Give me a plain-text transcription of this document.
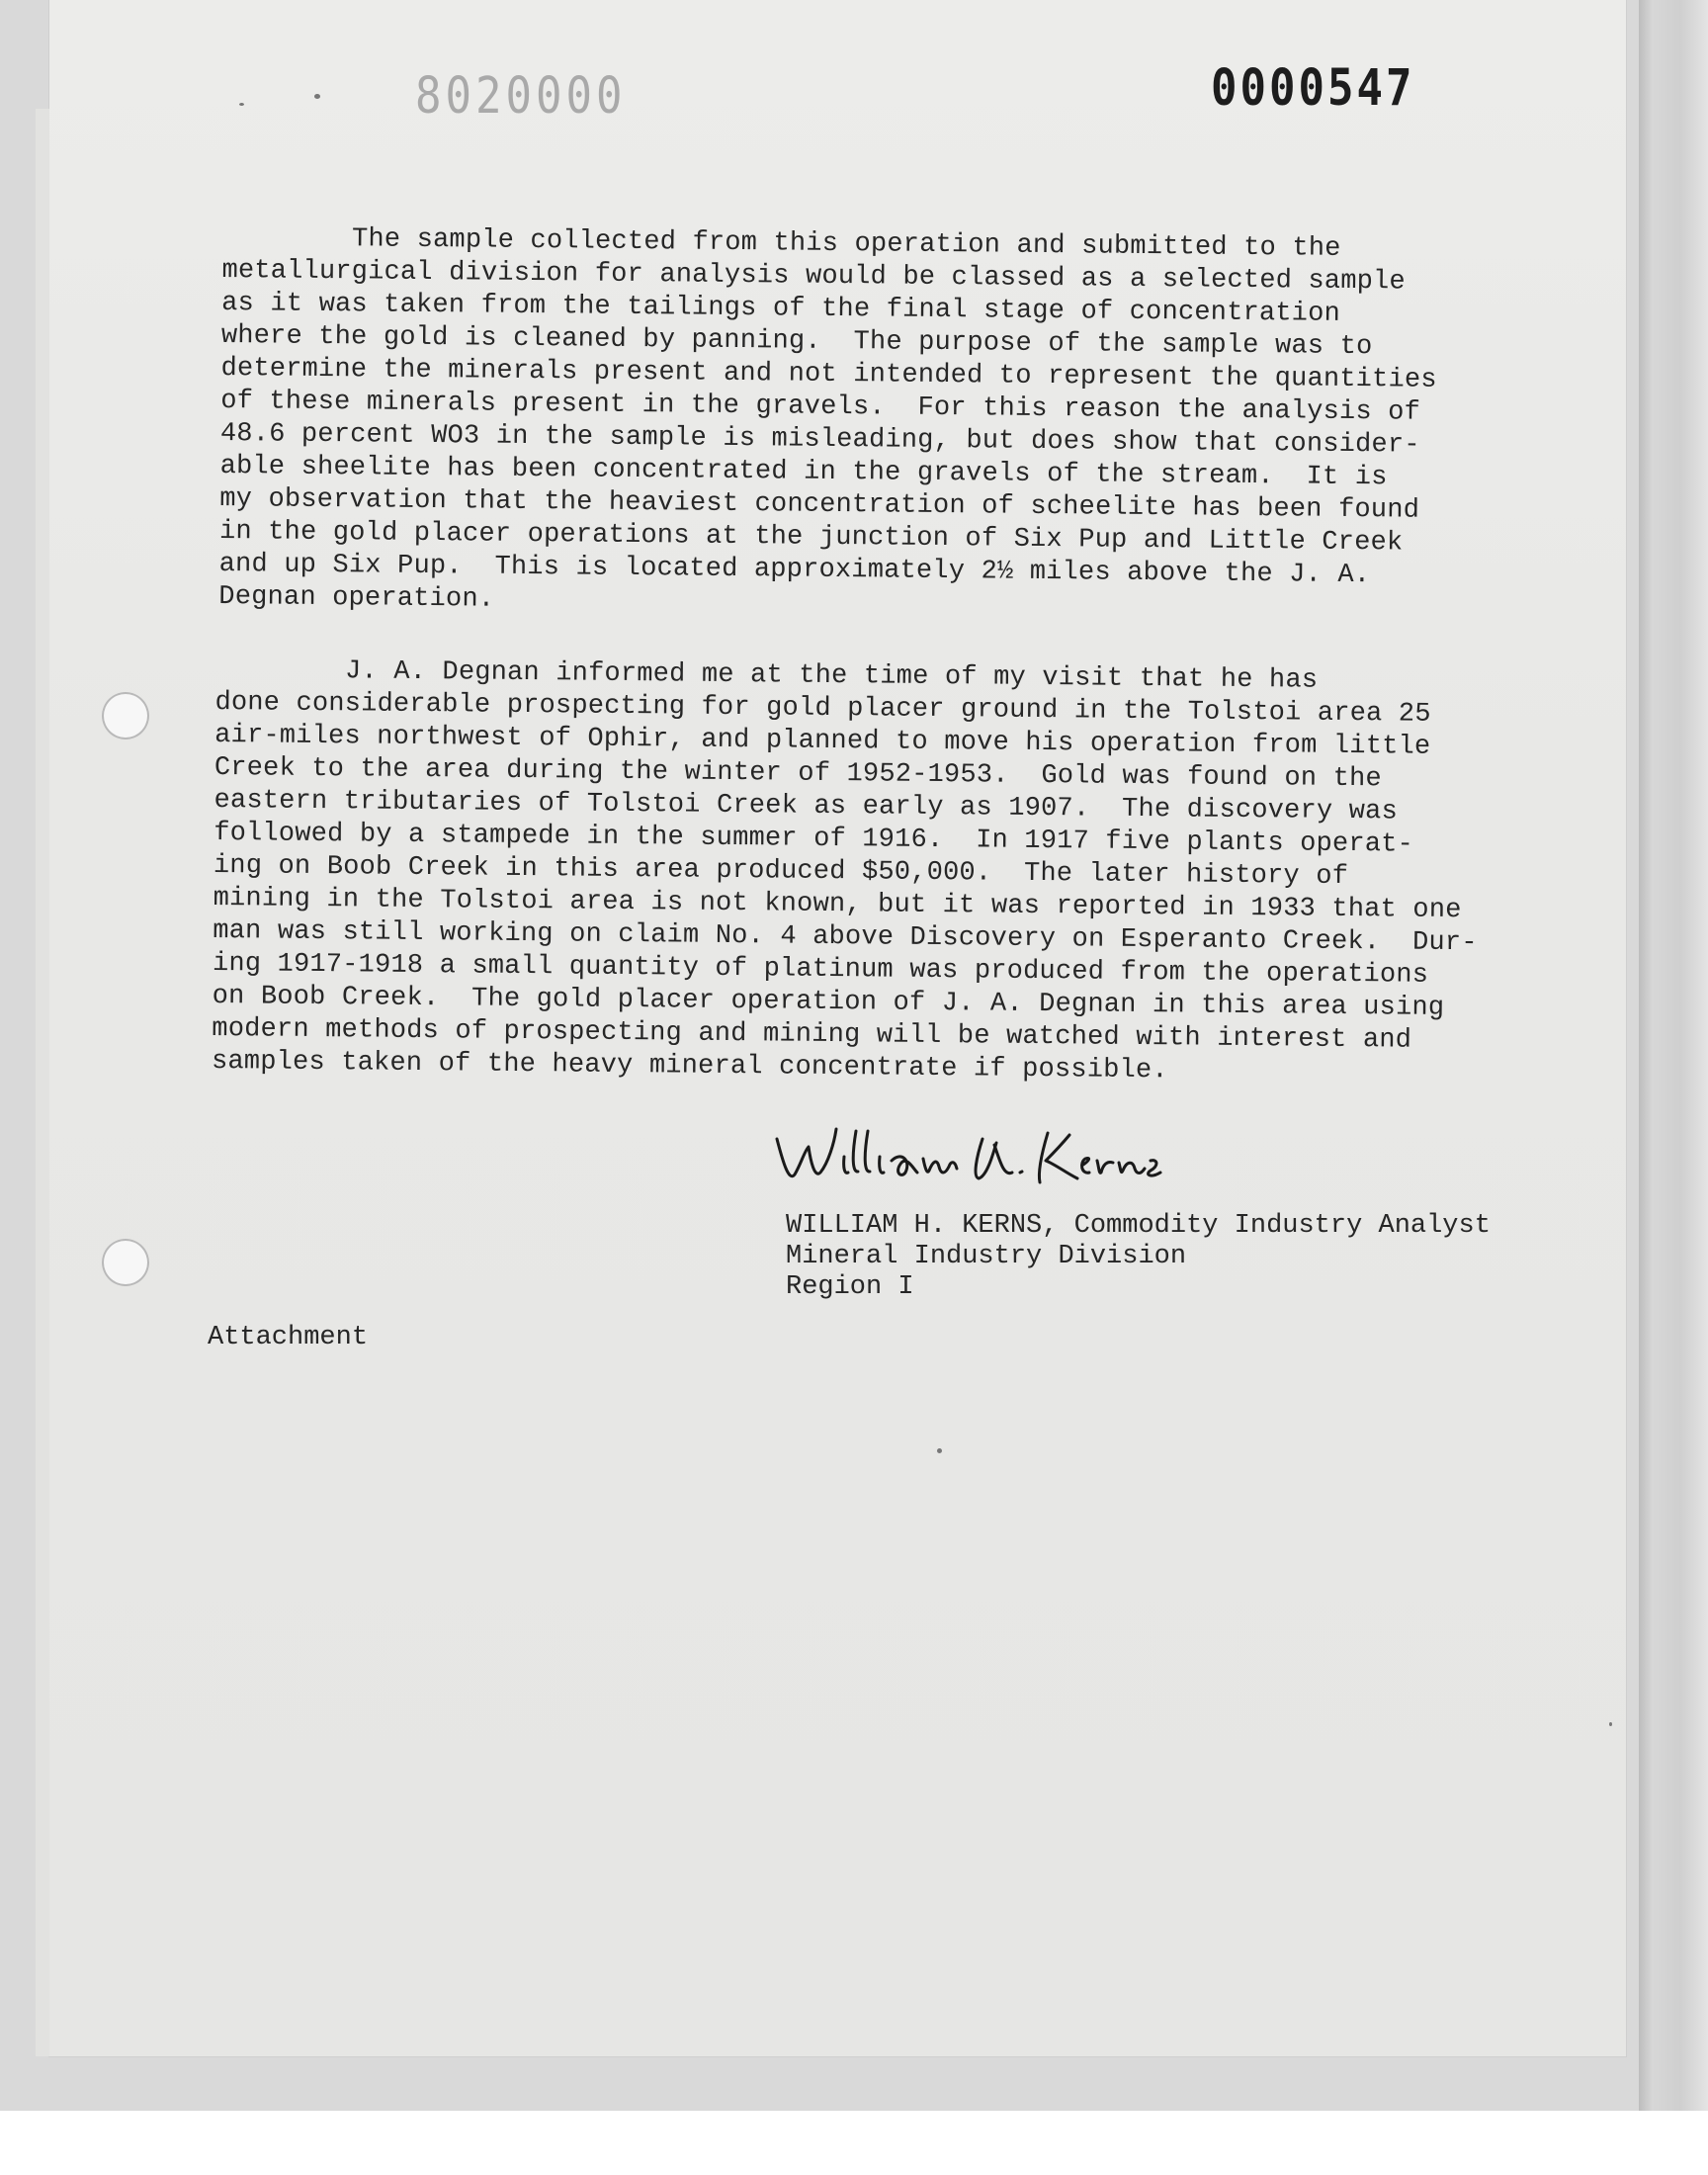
8020000	0000547
The sample collected from this operation and submitted to the
metallurgical division for analysis would be classed as a selected sample
as it was taken from the tailings of the final stage of concentration
where the gold is cleaned by panning.  The purpose of the sample was to
determine the minerals present and not intended to represent the quantities
of these minerals present in the gravels.  For this reason the analysis of
48.6 percent WO3 in the sample is misleading, but does show that consider-
able sheelite has been concentrated in the gravels of the stream.  It is
my observation that the heaviest concentration of scheelite has been found
in the gold placer operations at the junction of Six Pup and Little Creek
and up Six Pup.  This is located approximately 2½ miles above the J. A.
Degnan operation.
J. A. Degnan informed me at the time of my visit that he has
done considerable prospecting for gold placer ground in the Tolstoi area 25
air-miles northwest of Ophir, and planned to move his operation from little
Creek to the area during the winter of 1952-1953.  Gold was found on the
eastern tributaries of Tolstoi Creek as early as 1907.  The discovery was
followed by a stampede in the summer of 1916.  In 1917 five plants operat-
ing on Boob Creek in this area produced $50,000.  The later history of
mining in the Tolstoi area is not known, but it was reported in 1933 that one
man was still working on claim No. 4 above Discovery on Esperanto Creek.  Dur-
ing 1917-1918 a small quantity of platinum was produced from the operations
on Boob Creek.  The gold placer operation of J. A. Degnan in this area using
modern methods of prospecting and mining will be watched with interest and
samples taken of the heavy mineral concentrate if possible.
WILLIAM H. KERNS, Commodity Industry Analyst
Mineral Industry Division
Region I
Attachment
